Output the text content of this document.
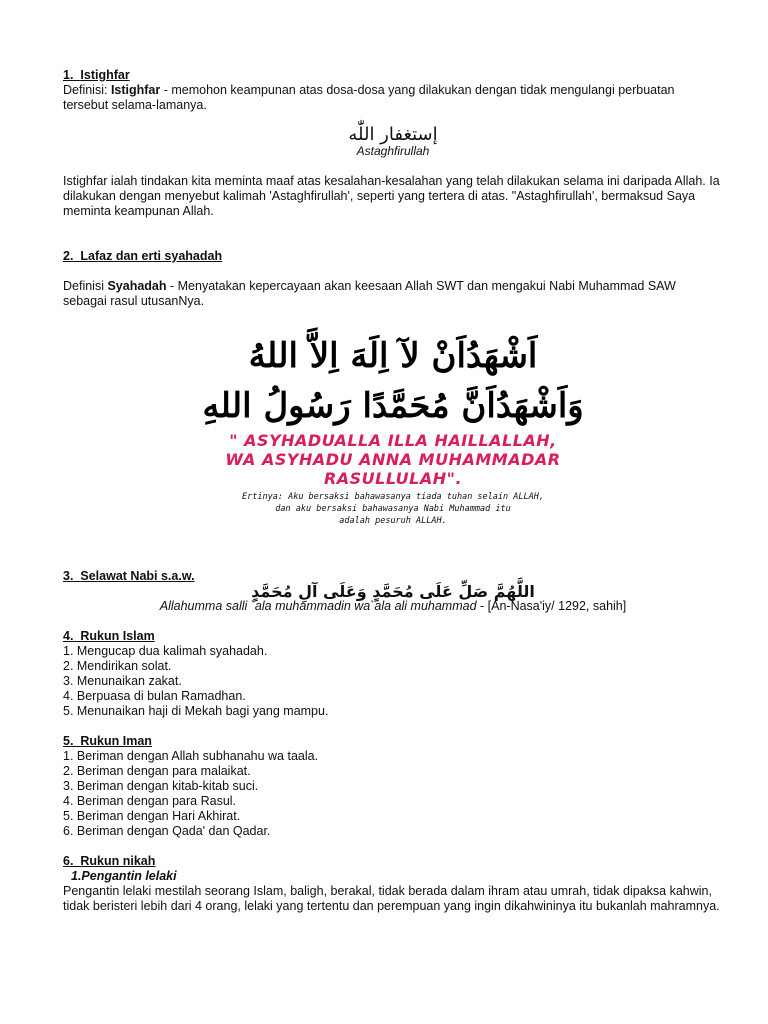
1. Istighfar

Definisi: Istighfar - memohon keampunan atas dosa-dosa yang dilakukan dengan tidak mengulangi perbuatan tersebut selama-lamanya.

إستغفار اللّٰه
Astaghfirullah

Istighfar ialah tindakan kita meminta maaf atas kesalahan-kesalahan yang telah dilakukan selama ini daripada Allah. Ia dilakukan dengan menyebut kalimah 'Astaghfirullah', seperti yang tertera di atas. "Astaghfirullah', bermaksud Saya meminta keampunan Allah.

2. Lafaz dan erti syahadah

Definisi Syahadah - Menyatakan kepercayaan akan keesaan Allah SWT dan mengakui Nabi Muhammad SAW sebagai rasul utusanNya.

اَشْهَدُاَنْ لآ اِلَهَ اِلاَّ اللهُ
وَاَشْهَدُاَنَّ مُحَمَّدًا رَسُولُ اللهِ
" ASYHADUALLA ILLA HAILLALLAH,
WA ASYHADU ANNA MUHAMMADAR
RASULLULAH".
Ertinya: Aku bersaksi bahawasanya tiada tuhan selain ALLAH,
dan aku bersaksi bahawasanya Nabi Muhammad itu
adalah pesuruh ALLAH.

3. Selawat Nabi s.a.w.

اللَّهُمَّ صَلِّ عَلَى مُحَمَّدٍ وَعَلَى آلِ مُحَمَّدٍ
Allahumma salli `ala muhammadin wa`ala ali muhammad - [An-Nasa'iy/ 1292, sahih]

4. Rukun Islam

1. Mengucap dua kalimah syahadah.
2. Mendirikan solat.
3. Menunaikan zakat.
4. Berpuasa di bulan Ramadhan.
5. Menunaikan haji di Mekah bagi yang mampu.

5. Rukun Iman

1. Beriman dengan Allah subhanahu wa taala.
2. Beriman dengan para malaikat.
3. Beriman dengan kitab-kitab suci.
4. Beriman dengan para Rasul.
5. Beriman dengan Hari Akhirat.
6. Beriman dengan Qada' dan Qadar.

6. Rukun nikah

1.Pengantin lelaki

Pengantin lelaki mestilah seorang Islam, baligh, berakal, tidak berada dalam ihram atau umrah, tidak dipaksa kahwin, tidak beristeri lebih dari 4 orang, lelaki yang tertentu dan perempuan yang ingin dikahwininya itu bukanlah mahramnya.
